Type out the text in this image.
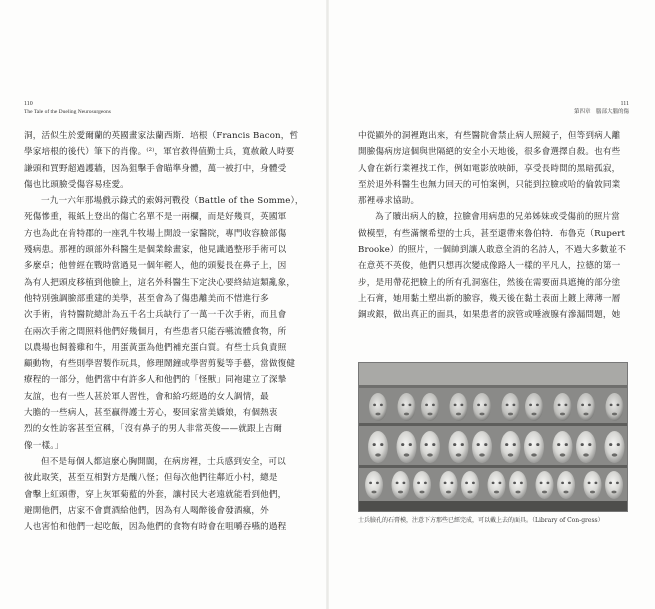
110
The Tale of the Dueling Neurosurgeons
洞，活似生於愛爾蘭的英國畫家法蘭西斯．培根（Francis Bacon，哲
學家培根的後代）筆下的肖像。⁽²⁾，軍官救得值勤士兵，寬赦敵人時要
謙頭和買野超過護牆，因為狙擊手會瞄準身體，萬一被打中，身體受
傷也比頭臉受傷容易痊愛。
一九一六年那場戲示錄式的索姆河戰役（Battle of the Somme），
死傷慘重，報紙上登出的傷亡名單不是一兩欄，而是好幾頁，英國軍
方也為此在肯特郡的一座乳牛牧場上開設一家醫院，專門收容臉部傷
殘病患。那裡的頭部外科醫生是個業餘畫家，他見識過整形手術可以
多麼卓；他曾經在戰時當過見一個年輕人，他的頭髮長在鼻子上，因
為有人把頭皮移植到他臉上，這名外科醫生下定決心要終結這類亂象，
他特別強調臉部重建的美學，甚至會為了傷患離美而不惜進行多
次手術，肯特醫院總計為五千名士兵缺行了一萬一千次手術，而且會
在兩次手術之間照料他們好幾個月，有些患者只能吞嚥流體食物，所
以農場也飼養雞和牛，用蛋黃蛋為他們補充蛋白質。有些士兵負責照
顧動物，有些則學習製作玩具，修理鬧鐘或學習剪髮等手藝，當做復健
療程的一部分，他們當中有許多人和他們的「怪獸」同袍建立了深摯
友誼，也有一些人甚於軍人習性，會和給巧經過的女人調情，最
大膽的一些病人，甚至贏得護士芳心，娶回家當美嬌娘，有個熱衷
烈的女性訪客甚至宣稱，「沒有鼻子的男人非常英俊——就跟上吉爾
像一樣。」
但不是每個人都這麼心胸開闊，在病房裡，士兵感到安全，可以
彼此取笑，甚至互相對方是醜八怪；但每次他們往鄰近小村，總是
會擊上紅頭帶，穿上灰軍菊藍的外套，讓村民大老遠就能看到他們，
避開他們，店家不會賣酒給他們，因為有人喝醉後會發酒瘋，外
人也害怕和他們一起吃飯，因為他們的食物有時會在咀嚼吞嚥的過程
111
第四章　腦部大腦的傷
中從顯外的洞裡跑出來，有些醫院會禁止病人照鏡子，但等到病人離
開臉傷病房這個與世隔絕的安全小天地後，很多會選擇自殺。也有些
人會在新行業裡找工作，例如電影放映師，享受長時間的黑暗孤寂，
至於退外科醫生也無力回天的可怕案例，只能到拉臉或哈的倫敦同業
那裡尋求協助。
為了贖出病人的臉，拉臉會用病患的兄弟姊妹或受傷前的照片當
做模型，有些滿懷希望的士兵，甚至還帶來魯伯特．布魯克（Rupert
Brooke）的照片，一個帥到讓人敢意全消的名詩人，不過大多數並不
在意英不英俊，他們只想再次變成像路人一樣的平凡人，拉德的第一
步，是用帶花把臉上的所有孔洞塞住，然後在需要面具遮掩的部分塗
上石膏，她用黏土塑出新的臉容，幾天後在黏土表面上鍍上薄薄一層
銅或銀，做出真正的面具，如果患者的淚管或唾液腺有滲漏問題，她
士兵臉孔的石膏模，注意下方那些已經完成，可以戴上去的面具。（Library of Con-gress）
